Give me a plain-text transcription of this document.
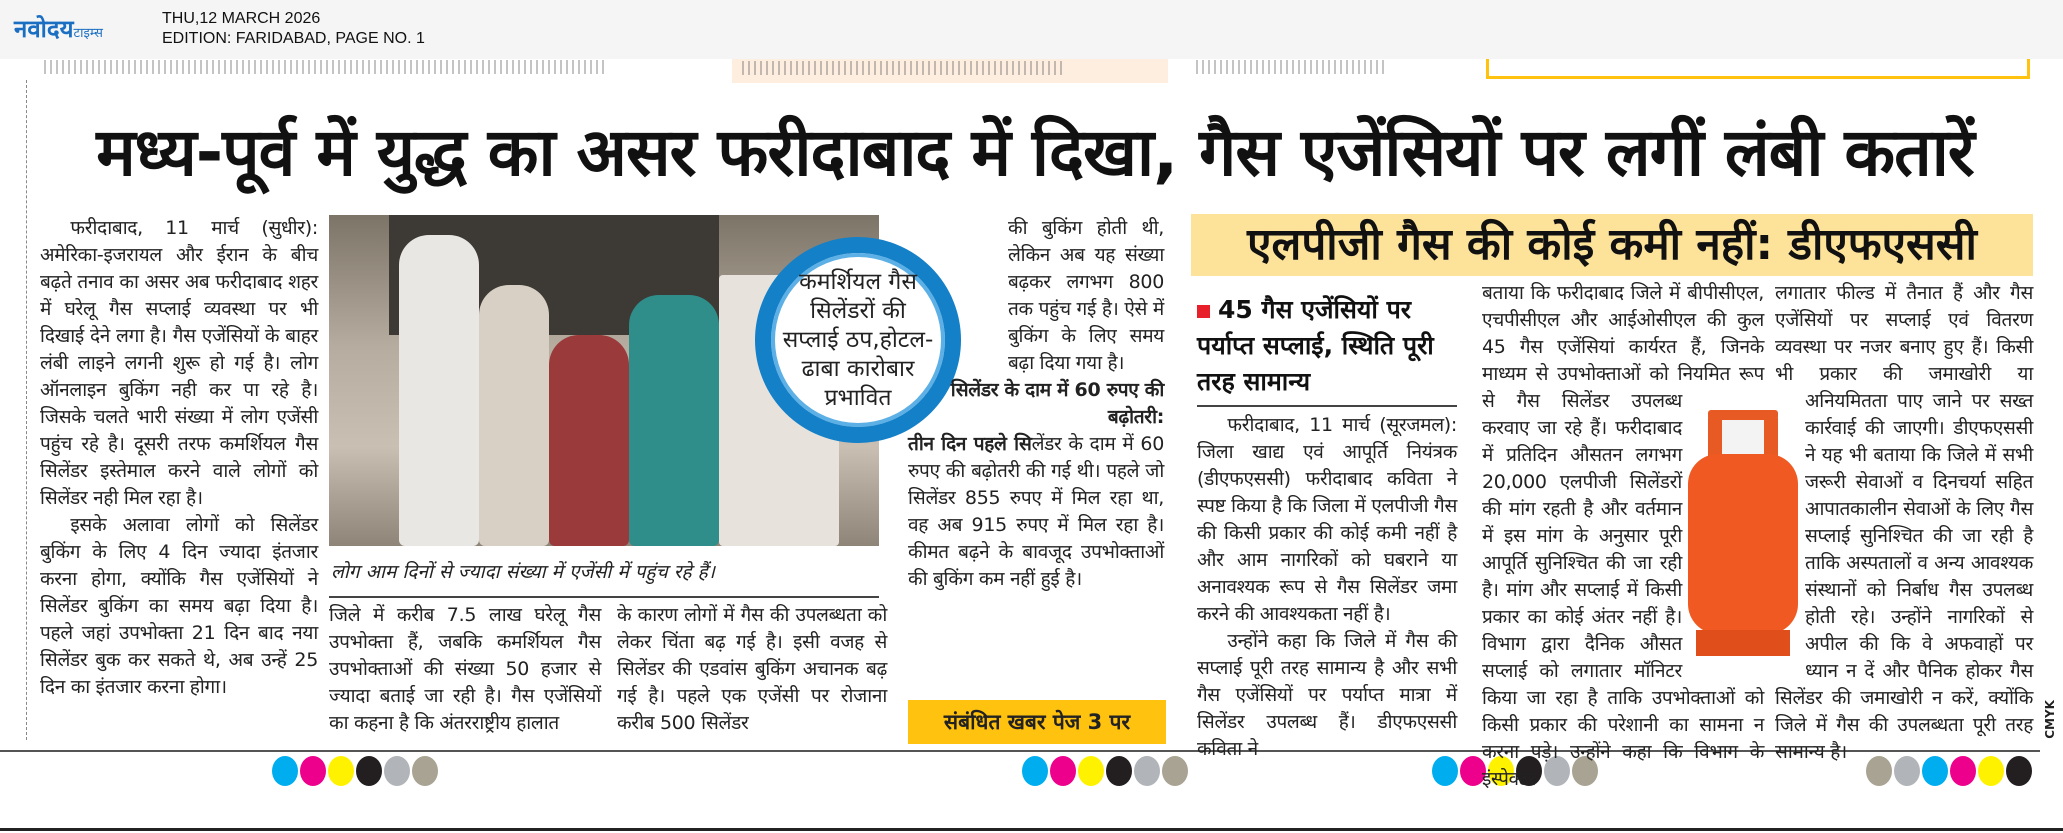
नवोदयटाइम्स
THU,12 MARCH 2026
EDITION: FARIDABAD, PAGE NO. 1
मध्य-पूर्व में युद्ध का असर फरीदाबाद में दिखा, गैस एजेंसियों पर लगीं लंबी कतारें

फरीदाबाद, 11 मार्च (सुधीर): अमेरिका-इजरायल और ईरान के बीच बढ़ते तनाव का असर अब फरीदाबाद शहर में घरेलू गैस सप्लाई व्यवस्था पर भी दिखाई देने लगा है। गैस एजेंसियों के बाहर लंबी लाइने लगनी शुरू हो गई है। लोग ऑनलाइन बुकिंग नही कर पा रहे है। जिसके चलते भारी संख्या में लोग एजेंसी पहुंच रहे है। दूसरी तरफ कमर्शियल गैस सिलेंडर इस्तेमाल करने वाले लोगों को सिलेंडर नही मिल रहा है।

इसके अलावा लोगों को सिलेंडर बुकिंग के लिए 4 दिन ज्यादा इंतजार करना होगा, क्योंकि गैस एजेंसियों ने सिलेंडर बुकिंग का समय बढ़ा दिया है। पहले जहां उपभोक्ता 21 दिन बाद नया सिलेंडर बुक कर सकते थे, अब उन्हें 25 दिन का इंतजार करना होगा।

लोग आम दिनों से ज्यादा संख्या में एजेंसी में पहुंच रहे हैं।
कमर्शियल गैस सिलेंडरों की सप्लाई ठप,होटल-ढाबा कारोबार प्रभावित

जिले में करीब 7.5 लाख घरेलू गैस उपभोक्ता हैं, जबकि कमर्शियल गैस उपभोक्ताओं की संख्या 50 हजार से ज्यादा बताई जा रही है। गैस एजेंसियों का कहना है कि अंतरराष्ट्रीय हालात

के कारण लोगों में गैस की उपलब्धता को लेकर चिंता बढ़ गई है। इसी वजह से सिलेंडर की एडवांस बुकिंग अचानक बढ़ गई है। पहले एक एजेंसी पर रोजाना करीब 500 सिलेंडर

की बुकिंग होती थी, लेकिन अब यह संख्या बढ़कर लगभग 800 तक पहुंच गई है। ऐसे में बुकिंग के लिए समय बढ़ा दिया गया है।

सिलेंडर के दाम में 60 रुपए की बढ़ोतरी:

तीन दिन पहले सिलेंडर के दाम में 60 रुपए की बढ़ोतरी की गई थी। पहले जो सिलेंडर 855 रुपए में मिल रहा था, वह अब 915 रुपए में मिल रहा है। कीमत बढ़ने के बावजूद उपभोक्ताओं की बुकिंग कम नहीं हुई है।

संबंधित खबर पेज 3 पर
एलपीजी गैस की कोई कमी नहीं: डीएफएससी
45 गैस एजेंसियों पर पर्याप्त सप्लाई, स्थिति पूरी तरह सामान्य

फरीदाबाद, 11 मार्च (सूरजमल): जिला खाद्य एवं आपूर्ति नियंत्रक (डीएफएससी) फरीदाबाद कविता ने स्पष्ट किया है कि जिला में एलपीजी गैस की किसी प्रकार की कोई कमी नहीं है और आम नागरिकों को घबराने या अनावश्यक रूप से गैस सिलेंडर जमा करने की आवश्यकता नहीं है।

उन्होंने कहा कि जिले में गैस की सप्लाई पूरी तरह सामान्य है और सभी गैस एजेंसियों पर पर्याप्त मात्रा में सिलेंडर उपलब्ध हैं। डीएफएससी कविता ने

बताया कि फरीदाबाद जिले में बीपीसीएल, एचपीसीएल और आईओसीएल की कुल 45 गैस एजेंसियां कार्यरत हैं, जिनके माध्यम से उपभोक्ताओं को नियमित रूप से गैस सिलेंडर उपलब्ध करवाए जा रहे हैं। फरीदाबाद में प्रतिदिन औसतन लगभग 20,000 एलपीजी सिलेंडरों की मांग रहती है और वर्तमान में इस मांग के अनुसार पूरी आपूर्ति सुनिश्चित की जा रही है। मांग और सप्लाई में किसी प्रकार का कोई अंतर नहीं है। विभाग द्वारा दैनिक औसत सप्लाई को लगातार मॉनिटर किया जा रहा है ताकि उपभोक्ताओं को किसी प्रकार की परेशानी का सामना न करना पड़े। उन्होंने कहा कि विभाग के इंस्पेक्टर

लगातार फील्ड में तैनात हैं और गैस एजेंसियों पर सप्लाई एवं वितरण व्यवस्था पर नजर बनाए हुए हैं। किसी भी प्रकार की जमाखोरी या अनियमितता पाए जाने पर सख्त कार्रवाई की जाएगी। डीएफएससी ने यह भी बताया कि जिले में सभी जरूरी सेवाओं व दिनचर्या सहित आपातकालीन सेवाओं के लिए गैस सप्लाई सुनिश्चित की जा रही है ताकि अस्पतालों व अन्य आवश्यक संस्थानों को निर्बाध गैस उपलब्ध होती रहे। उन्होंने नागरिकों से अपील की कि वे अफवाहों पर ध्यान न दें और पैनिक होकर गैस सिलेंडर की जमाखोरी न करें, क्योंकि जिले में गैस की उपलब्धता पूरी तरह सामान्य है।

CMYK
